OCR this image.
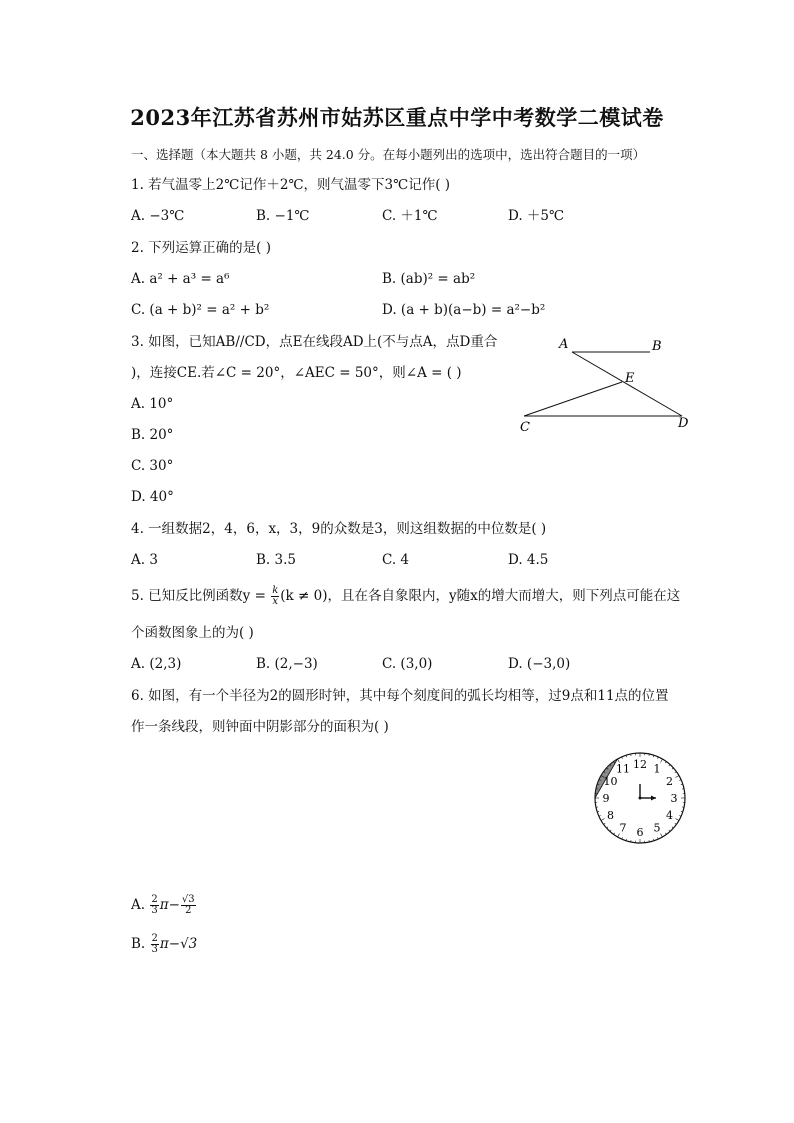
2023年江苏省苏州市姑苏区重点中学中考数学二模试卷
一、选择题（本大题共 8 小题，共 24.0 分。在每小题列出的选项中，选出符合题目的一项）
1. 若气温零上2℃记作＋2℃，则气温零下3℃记作( )
A. −3℃	B. −1℃	C. ＋1℃	D. ＋5℃
2. 下列运算正确的是( )
A. a² + a³ = a⁶	B. (ab)² = ab²
C. (a + b)² = a² + b²	D. (a + b)(a−b) = a²−b²
3. 如图，已知AB//CD，点E在线段AD上(不与点A，点D重合
)，连接CE.若∠C = 20°，∠AEC = 50°，则∠A = ( )
A. 10°
B. 20°
C. 30°
D. 40°
A	B
E
C	D
4. 一组数据2，4，6，x，3，9的众数是3，则这组数据的中位数是( )
A. 3	B. 3.5	C. 4	D. 4.5
5. 已知反比例函数$y = \frac{k}{x} (k \ne 0)$，且在各自象限内，y随x的增大而增大，则下列点可能在这
个函数图象上的为( )
A. (2,3)	B. (2,−3)	C. (3,0)	D. (−3,0)
6. 如图，有一个半径为2的圆形时钟，其中每个刻度间的弧长均相等，过9点和11点的位置
作一条线段，则钟面中阴影部分的面积为( )
12 1
2
3
4
5
6
7
8
9
10
11
A. $\frac{2}{3} \pi- \frac{√3}{2}$
B. $\frac{2}{3} \pi-√3$
